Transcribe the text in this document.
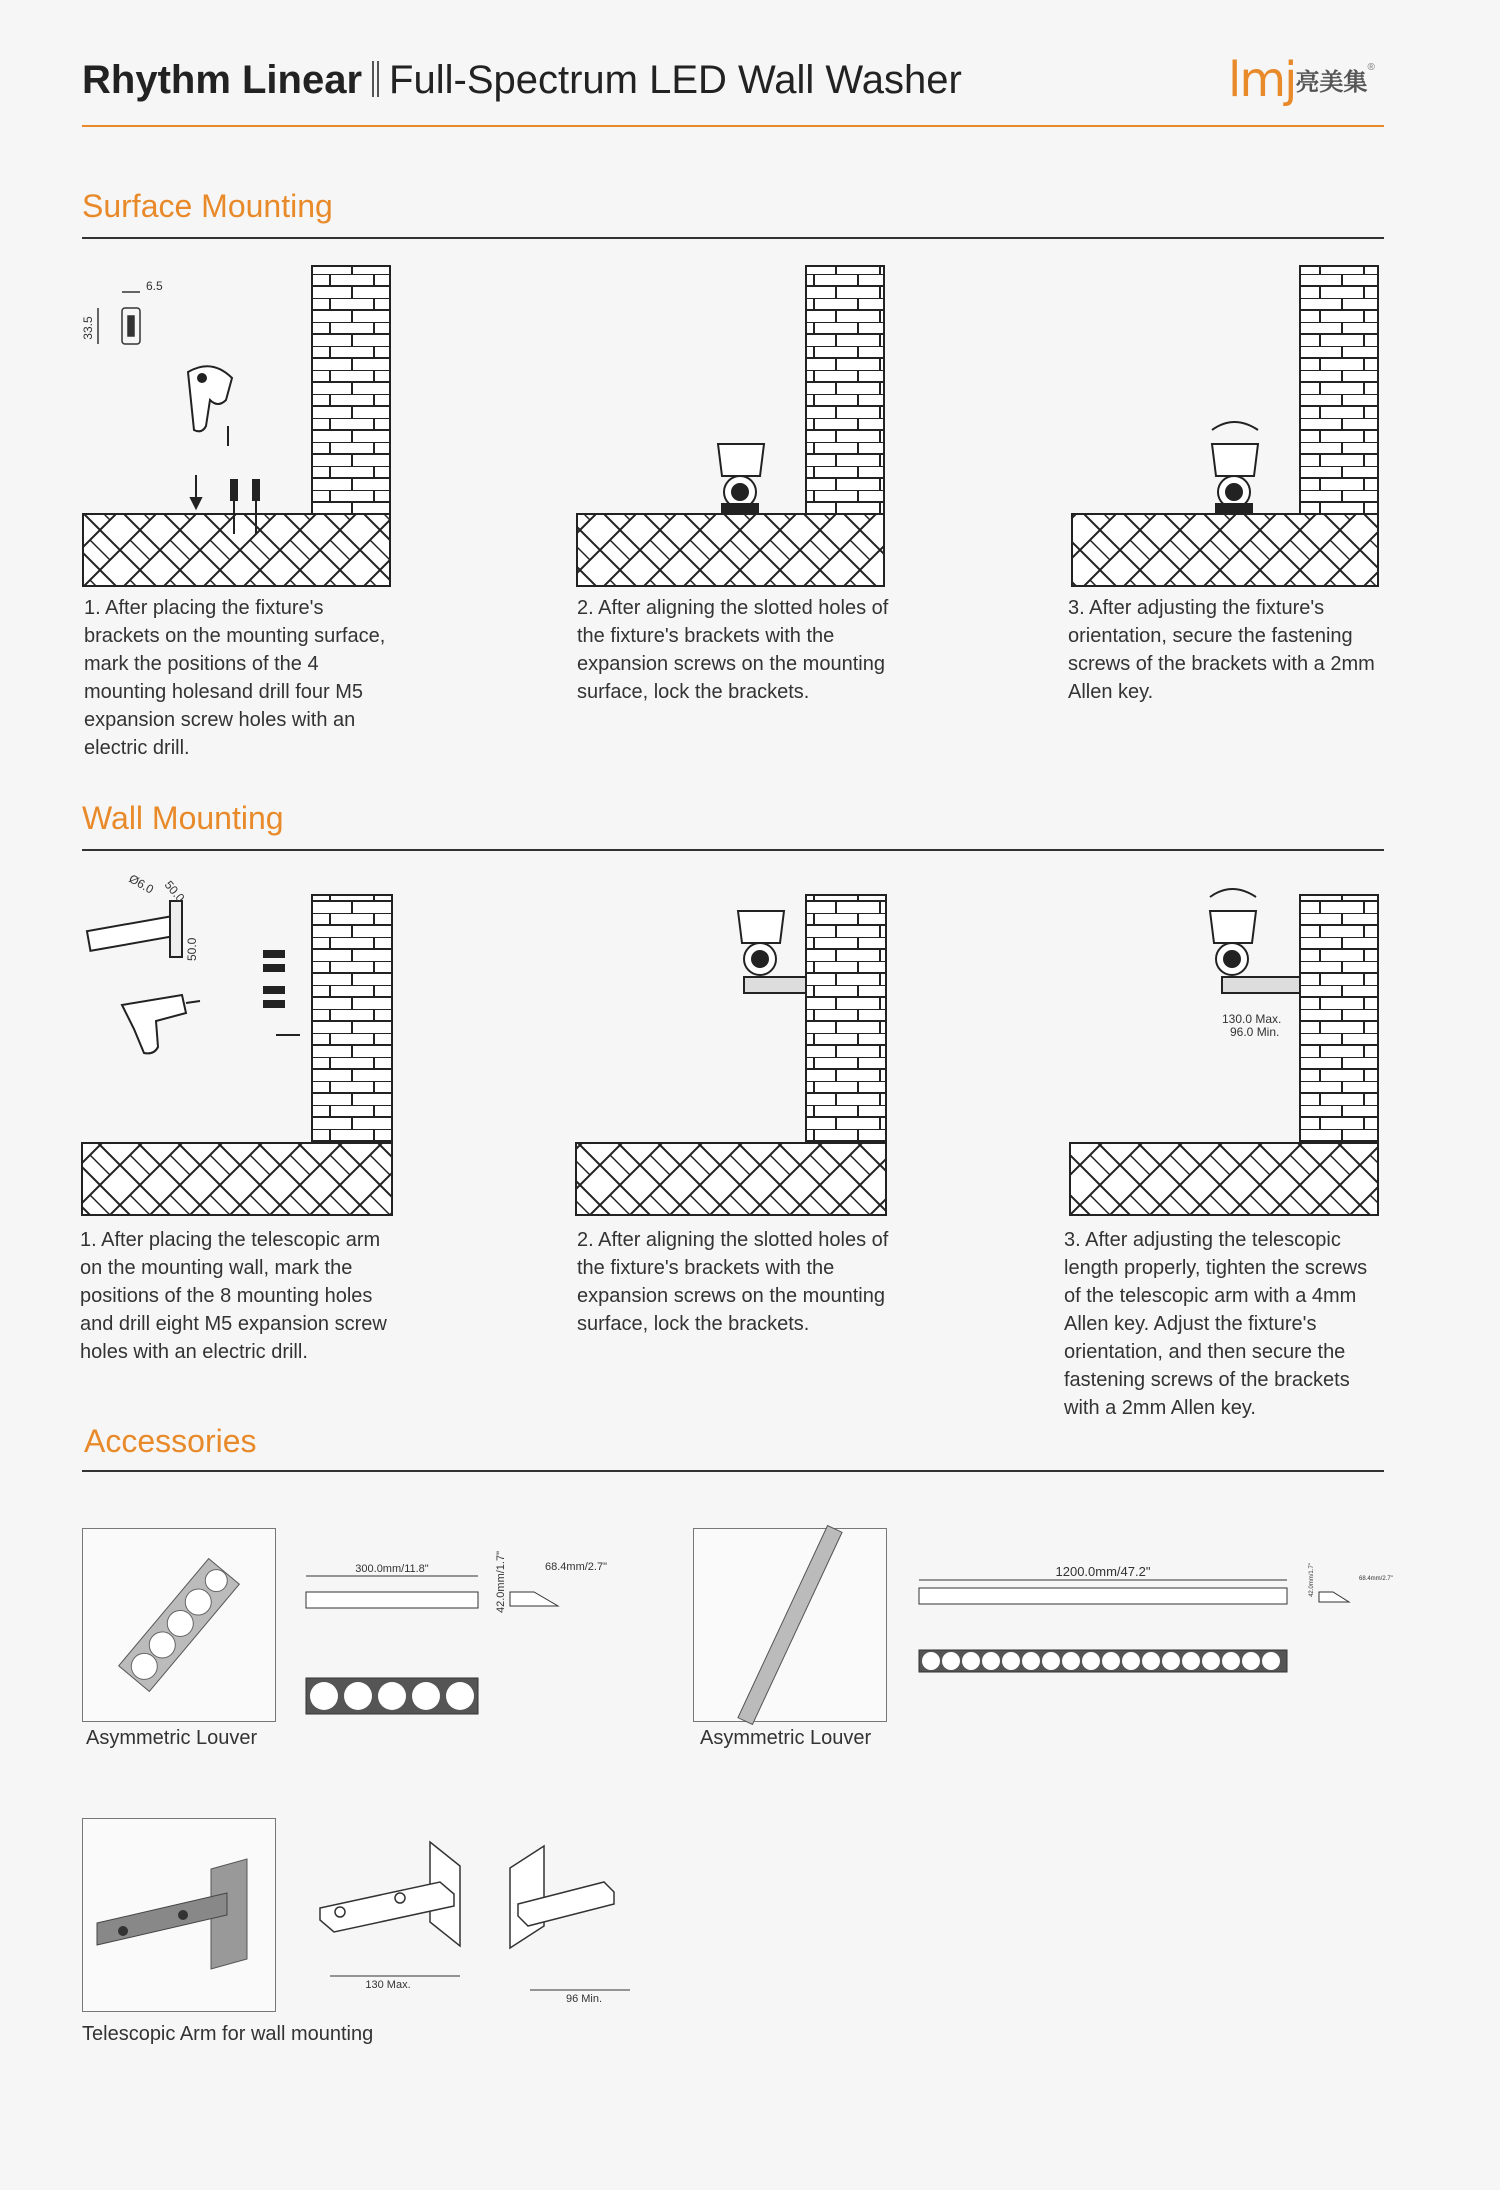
Rhythm Linear Full-Spectrum LED Wall Washer	lmj亮美集®
Surface Mounting
33.5
6.5
1. After placing the fixture's brackets on the mounting surface, mark the positions of the 4 mounting holesand drill four M5 expansion screw holes with an electric drill.
2. After aligning the slotted holes of the fixture's brackets with the expansion screws on the mounting surface, lock the brackets.
3. After adjusting the fixture's orientation, secure the fastening screws of the brackets with a 2mm Allen key.
Wall Mounting
Ø6.0 50.0
50.0
130.0 Max.
96.0 Min.
1. After placing the telescopic arm on the mounting wall, mark the positions of the 8 mounting holes and drill eight M5 expansion screw holes with an electric drill.
2. After aligning the slotted holes of the fixture's brackets with the expansion screws on the mounting surface, lock the brackets.
3. After adjusting the telescopic length properly, tighten the screws of the telescopic arm with a 4mm Allen key. Adjust the fixture's orientation, and then secure the fastening screws of the brackets with a 2mm Allen key.
Accessories
Asymmetric Louver
300.0mm/11.8"	42.0mm/1.7"	68.4mm/2.7"
Asymmetric Louver
1200.0mm/47.2"	42.0mm/1.7"	68.4mm/2.7"
Telescopic Arm for wall mounting
130 Max.
96 Min.
